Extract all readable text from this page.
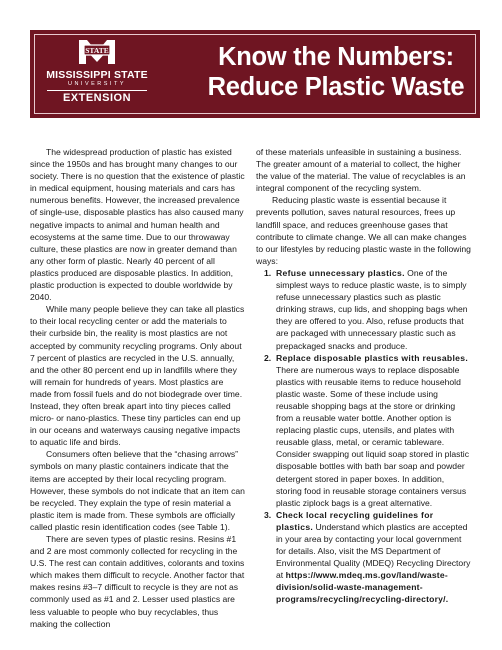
STATE
MISSISSIPPI STATE
UNIVERSITY
EXTENSION
Know the Numbers:
Reduce Plastic Waste

The widespread production of plastic has existed since the 1950s and has brought many changes to our society. There is no question that the existence of plastic in medical equipment, housing materials and cars has numerous benefits. However, the increased prevalence of single-use, disposable plastics has also caused many negative impacts to animal and human health and ecosystems at the same time. Due to our throwaway culture, these plastics are now in greater demand than any other form of plastic. Nearly 40 percent of all plastics produced are disposable plastics. In addition, plastic production is expected to double worldwide by 2040.

While many people believe they can take all plastics to their local recycling center or add the materials to their curbside bin, the reality is most plastics are not accepted by community recycling programs. Only about 7 percent of plastics are recycled in the U.S. annually, and the other 80 percent end up in landfills where they will remain for hundreds of years. Most plastics are made from fossil fuels and do not biodegrade over time. Instead, they often break apart into tiny pieces called micro- or nano-plastics. These tiny particles can end up in our oceans and waterways causing negative impacts to aquatic life and birds.

Consumers often believe that the “chasing arrows” symbols on many plastic containers indicate that the items are accepted by their local recycling program. However, these symbols do not indicate that an item can be recycled. They explain the type of resin material a plastic item is made from. These symbols are officially called plastic resin identification codes (see Table 1).

There are seven types of plastic resins. Resins #1 and 2 are most commonly collected for recycling in the U.S. The rest can contain additives, colorants and toxins which makes them difficult to recycle. Another factor that makes resins #3–7 difficult to recycle is they are not as commonly used as #1 and 2. Lesser used plastics are less valuable to people who buy recyclables, thus making the collection

of these materials unfeasible in sustaining a business. The greater amount of a material to collect, the higher the value of the material. The value of recyclables is an integral component of the recycling system.

Reducing plastic waste is essential because it prevents pollution, saves natural resources, frees up landfill space, and reduces greenhouse gases that contribute to climate change. We all can make changes to our lifestyles by reducing plastic waste in the following ways:

1. Refuse unnecessary plastics. One of the simplest ways to reduce plastic waste, is to simply refuse unnecessary plastics such as plastic drinking straws, cup lids, and shopping bags when they are offered to you. Also, refuse products that are packaged with unnecessary plastic such as prepackaged snacks and produce.
2. Replace disposable plastics with reusables. There are numerous ways to replace disposable plastics with reusable items to reduce household plastic waste. Some of these include using reusable shopping bags at the store or drinking from a reusable water bottle. Another option is replacing plastic cups, utensils, and plates with reusable glass, metal, or ceramic tableware. Consider swapping out liquid soap stored in plastic disposable bottles with bath bar soap and powder detergent stored in paper boxes. In addition, storing food in reusable storage containers versus plastic ziplock bags is a great alternative.
3. Check local recycling guidelines for plastics. Understand which plastics are accepted in your area by contacting your local government for details. Also, visit the MS Department of Environmental Quality (MDEQ) Recycling Directory at https://www.mdeq.ms.gov/land/waste-division/solid-waste-management-programs/recycling/recycling-directory/.
